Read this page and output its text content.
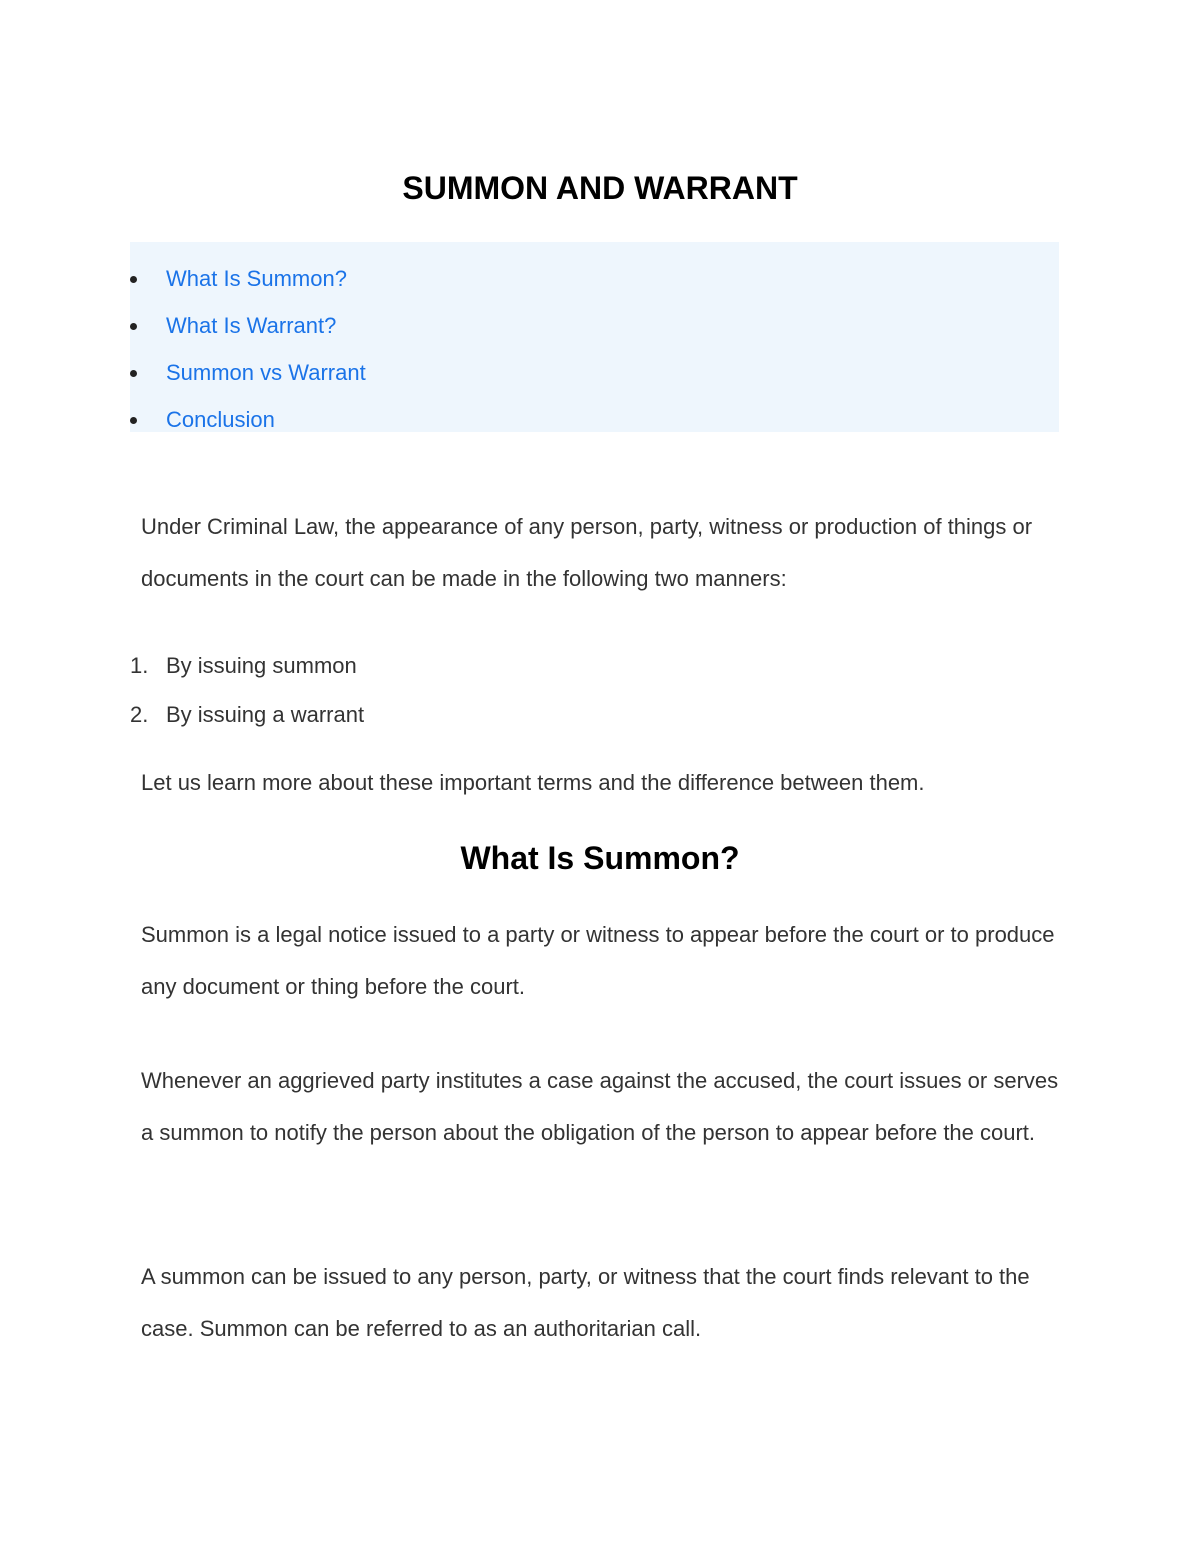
SUMMON AND WARRANT
What Is Summon?
What Is Warrant?
Summon vs Warrant
Conclusion

Under Criminal Law, the appearance of any person, party, witness or production of things or documents in the court can be made in the following two manners:

1. By issuing summon
2. By issuing a warrant

Let us learn more about these important terms and the difference between them.

What Is Summon?

Summon is a legal notice issued to a party or witness to appear before the court or to produce any document or thing before the court.

Whenever an aggrieved party institutes a case against the accused, the court issues or serves a summon to notify the person about the obligation of the person to appear before the court.

A summon can be issued to any person, party, or witness that the court finds relevant to the case. Summon can be referred to as an authoritarian call.
